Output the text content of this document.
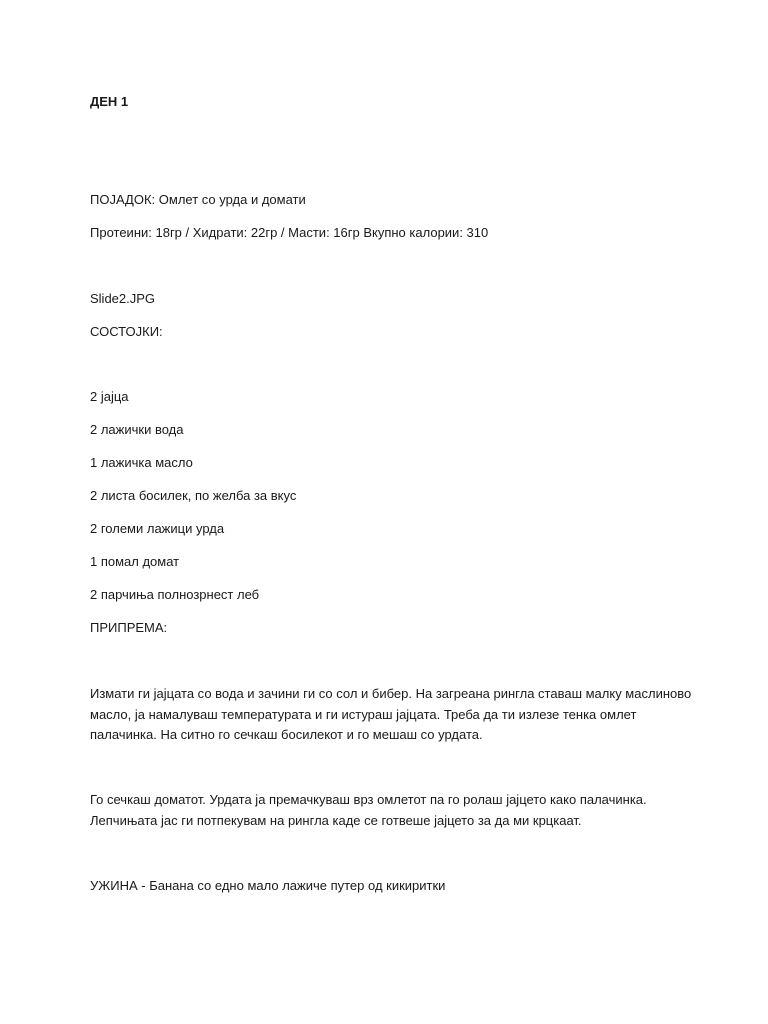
ДЕН 1
ПОЈАДОК: Омлет со урда и домати
Протеини: 18гр / Хидрати: 22гр / Масти: 16гр Вкупно калории: 310
Slide2.JPG
СОСТОЈКИ:
2 јајца
2 лажички вода
1 лажичка масло
2 листа босилек, по желба за вкус
2 големи лажици урда
1 помал домат
2 парчиња полнозрнест леб
ПРИПРЕМА:
Измати ги јајцата со вода и зачини ги со сол и бибер. На загреана рингла ставаш малку маслиново
масло, ја намалуваш температурата и ги истураш јајцата. Треба да ти излезе тенка омлет
палачинка. На ситно го сечкаш босилекот и го мешаш со урдата.
Го сечкаш доматот. Урдата ја премачкуваш врз омлетот па го ролаш јајцето како палачинка.
Лепчињата јас ги потпекувам на рингла каде се готвеше јајцето за да ми крцкаат.
УЖИНА - Банана со едно мало лажиче путер од кикиритки
